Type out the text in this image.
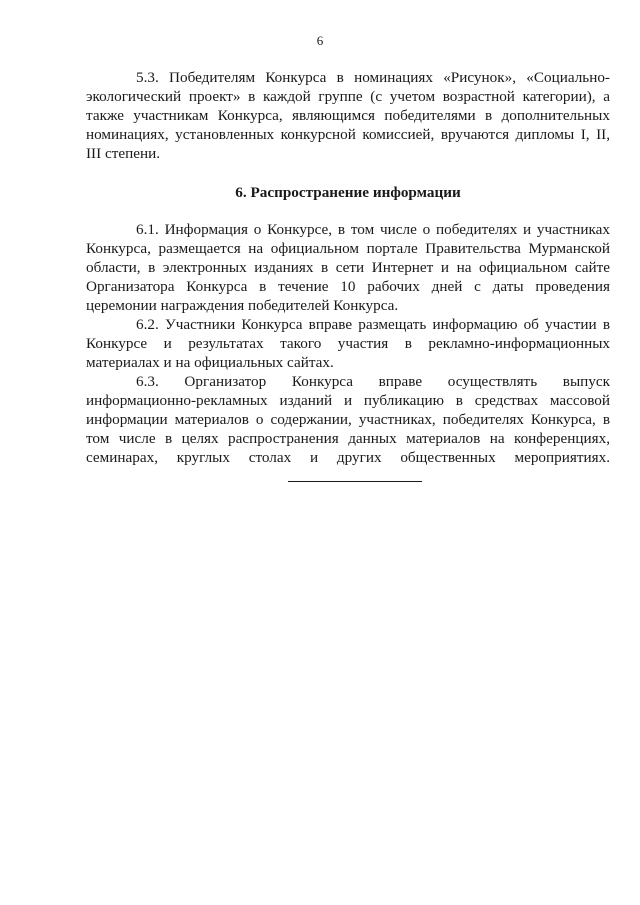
6

5.3. Победителям Конкурса в номинациях «Рисунок», «Социально-экологический проект» в каждой группе (с учетом возрастной категории), а также участникам Конкурса, являющимся победителями в дополнительных номинациях, установленных конкурсной комиссией, вручаются дипломы I, II, III степени.

6. Распространение информации

6.1. Информация о Конкурсе, в том числе о победителях и участниках Конкурса, размещается на официальном портале Правительства Мурманской области, в электронных изданиях в сети Интернет и на официальном сайте Организатора Конкурса в течение 10 рабочих дней с даты проведения церемонии награждения победителей Конкурса.

6.2. Участники Конкурса вправе размещать информацию об участии в Конкурсе и результатах такого участия в рекламно-информационных материалах и на официальных сайтах.

6.3. Организатор Конкурса вправе осуществлять выпуск информационно-рекламных изданий и публикацию в средствах массовой информации материалов о содержании, участниках, победителях Конкурса, в том числе в целях распространения данных материалов на конференциях, семинарах, круглых столах и других общественных мероприятиях.
